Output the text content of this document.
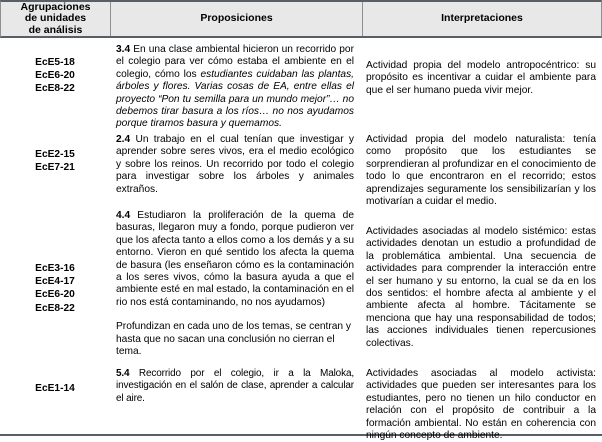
Agrupaciones
de unidades
de análisis
Proposiciones	Interpretaciones
EcE5-18
EcE6-20
EcE8-22

3.4 En una clase ambiental hicieron un recorrido por el colegio para ver cómo estaba el ambiente en el colegio, cómo los estudiantes cuidaban las plantas, árboles y flores. Varias cosas de EA, entre ellas el proyecto “Pon tu semilla para un mundo mejor”… no debemos tirar basura a los ríos… no nos ayudamos porque tiramos basura y quemamos.

Actividad propia del modelo antropocéntrico: su propósito es incentivar a cuidar el ambiente para que el ser humano pueda vivir mejor.

EcE2-15
EcE7-21

2.4 Un trabajo en el cual tenían que investigar y aprender sobre seres vivos, era el medio ecológico y sobre los reinos. Un recorrido por todo el colegio para investigar sobre los árboles y animales extraños.

Actividad propia del modelo naturalista: tenía como propósito que los estudiantes se sorprendieran al profundizar en el conocimiento de todo lo que encontraron en el recorrido; estos aprendizajes seguramente los sensibilizarían y los motivarían a cuidar el medio.

EcE3-16
EcE4-17
EcE6-20
EcE8-22

4.4 Estudiaron la proliferación de la quema de basuras, llegaron muy a fondo, porque pudieron ver que los afecta tanto a ellos como a los demás y a su entorno. Vieron en qué sentido los afecta la quema de basura (les enseñaron cómo es la contaminación a los seres vivos, cómo la basura ayuda a que el ambiente esté en mal estado, la contaminación en el rio nos está contaminando, no nos ayudamos)

Profundizan en cada uno de los temas, se centran y hasta que no sacan una conclusión no cierran el tema.

Actividades asociadas al modelo sistémico: estas actividades denotan un estudio a profundidad de la problemática ambiental. Una secuencia de actividades para comprender la interacción entre el ser humano y su entorno, la cual se da en los dos sentidos: el hombre afecta al ambiente y el ambiente afecta al hombre. Tácitamente se menciona que hay una responsabilidad de todos; las acciones individuales tienen repercusiones colectivas.

EcE1-14

5.4 Recorrido por el colegio, ir a la Maloka, investigación en el salón de clase, aprender a calcular el aire.

Actividades asociadas al modelo activista: actividades que pueden ser interesantes para los estudiantes, pero no tienen un hilo conductor en relación con el propósito de contribuir a la formación ambiental. No están en coherencia con ningún concepto de ambiente.
